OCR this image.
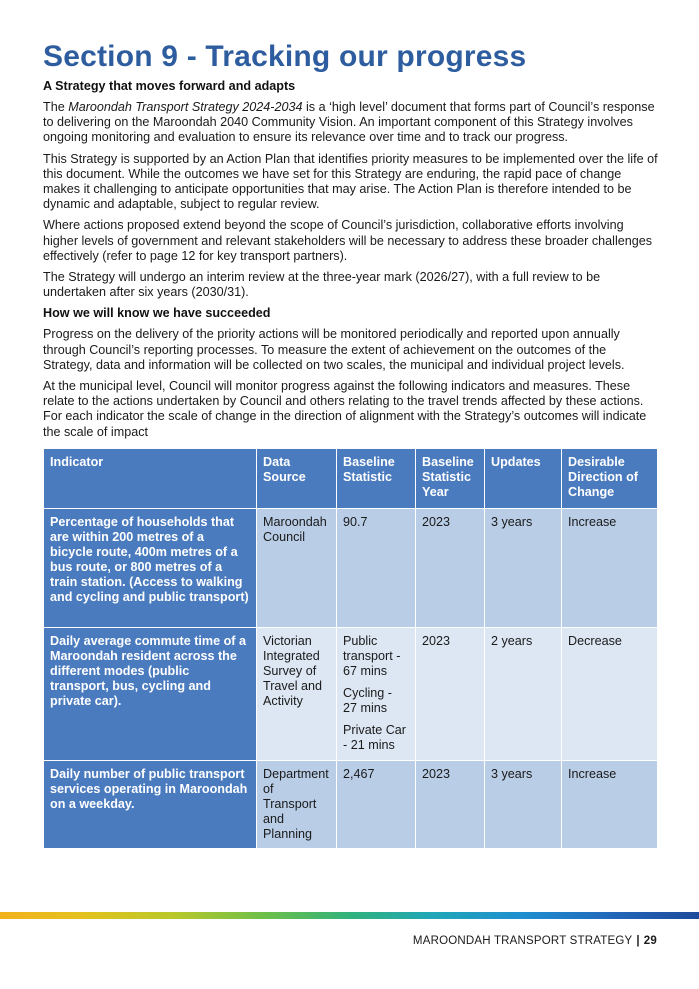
Section 9 - Tracking our progress
A Strategy that moves forward and adapts

The Maroondah Transport Strategy 2024-2034 is a ‘high level’ document that forms part of Council’s response to delivering on the Maroondah 2040 Community Vision. An important component of this Strategy involves ongoing monitoring and evaluation to ensure its relevance over time and to track our progress.

This Strategy is supported by an Action Plan that identifies priority measures to be implemented over the life of this document. While the outcomes we have set for this Strategy are enduring, the rapid pace of change makes it challenging to anticipate opportunities that may arise. The Action Plan is therefore intended to be dynamic and adaptable, subject to regular review.

Where actions proposed extend beyond the scope of Council’s jurisdiction, collaborative efforts involving higher levels of government and relevant stakeholders will be necessary to address these broader challenges effectively (refer to page 12 for key transport partners).

The Strategy will undergo an interim review at the three-year mark (2026/27), with a full review to be undertaken after six years (2030/31).

How we will know we have succeeded

Progress on the delivery of the priority actions will be monitored periodically and reported upon annually through Council’s reporting processes. To measure the extent of achievement on the outcomes of the Strategy, data and information will be collected on two scales, the municipal and individual project levels.

At the municipal level, Council will monitor progress against the following indicators and measures. These relate to the actions undertaken by Council and others relating to the travel trends affected by these actions. For each indicator the scale of change in the direction of alignment with the Strategy’s outcomes will indicate the scale of impact

Indicator	Data Source	Baseline Statistic	Baseline Statistic Year	Updates	Desirable Direction of Change
Percentage of households that are within 200 metres of a bicycle route, 400m metres of a bus route, or 800 metres of a train station. (Access to walking and cycling and public transport)	Maroondah Council	90.7	2023	3 years	Increase
Daily average commute time of a Maroondah resident across the different modes (public transport, bus, cycling and private car).	Victorian Integrated Survey of Travel and Activity	Public transport - 67 mins
Cycling - 27 mins
Private Car - 21 mins	2023	2 years	Decrease
Daily number of public transport services operating in Maroondah on a weekday.	Department of Transport and Planning	2,467	2023	3 years	Increase
MAROONDAH TRANSPORT STRATEGY | 29
